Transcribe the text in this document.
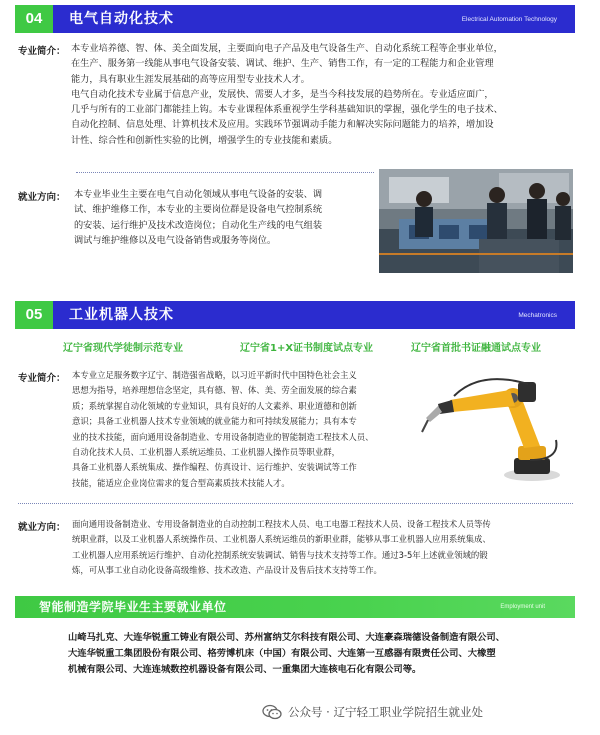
04	电气自动化技术	Electrical Automation Technology
专业简介： 本专业培养德、智、体、美全面发展，主要面向电子产品及电气设备生产、自动化系统工程等企事业单位，
在生产、服务第一线能从事电气设备安装、调试、维护、生产、销售工作，有一定的工程能力和企业管理
能力，具有职业生涯发展基础的高等应用型专业技术人才。
电气自动化技术专业属于信息产业，发展快、需要人才多，是当今科技发展的趋势所在。专业适应面广，
几乎与所有的工业部门都能挂上钩。本专业课程体系重视学生学科基础知识的掌握，强化学生的电子技术、
自动化控制、信息处理、计算机技术及应用。实践环节强调动手能力和解决实际问题能力的培养，增加设
计性、综合性和创新性实验的比例，增强学生的专业技能和素质。
就业方向： 本专业毕业生主要在电气自动化领域从事电气设备的安装、调
试、维护维修工作，本专业的主要岗位群是设备电气控制系统
的安装、运行维护及技术改造岗位；自动化生产线的电气组装
调试与维护维修以及电气设备销售或服务等岗位。
05	工业机器人技术	Mechatronics
辽宁省现代学徒制示范专业	辽宁省1+X证书制度试点专业	辽宁省首批书证融通试点专业
专业简介： 本专业立足服务数字辽宁、制造强省战略，以习近平新时代中国特色社会主义
思想为指导，培养理想信念坚定，具有德、智、体、美、劳全面发展的综合素
质；系统掌握自动化领域的专业知识，具有良好的人文素养、职业道德和创新
意识；具备工业机器人技术专业领域的就业能力和可持续发展能力；具有本专
业的技术技能，面向通用设备制造业、专用设备制造业的智能制造工程技术人员、
自动化技术人员、工业机器人系统运维员、工业机器人操作员等职业群，
具备工业机器人系统集成、操作编程、仿真设计、运行维护、安装调试等工作
技能，能适应企业岗位需求的复合型高素质技术技能人才。
就业方向： 面向通用设备制造业、专用设备制造业的自动控制工程技术人员、电工电器工程技术人员、设备工程技术人员等传
统职业群，以及工业机器人系统操作员、工业机器人系统运维员的新职业群，能够从事工业机器人应用系统集成、
工业机器人应用系统运行维护、自动化控制系统安装调试、销售与技术支持等工作。通过3-5年上述就业领域的锻
炼，可从事工业自动化设备高级维修、技术改造、产品设计及售后技术支持等工作。
智能制造学院毕业生主要就业单位	Employment unit
山崎马扎克、大连华锐重工铸业有限公司、苏州富纳艾尔科技有限公司、大连豪森瑞德设备制造有限公司、
大连华锐重工集团股份有限公司、格劳博机床（中国）有限公司、大连第一互感器有限责任公司、大橡塑
机械有限公司、大连连城数控机器设备有限公司、一重集团大连核电石化有限公司等。
公众号 · 辽宁轻工职业学院招生就业处
